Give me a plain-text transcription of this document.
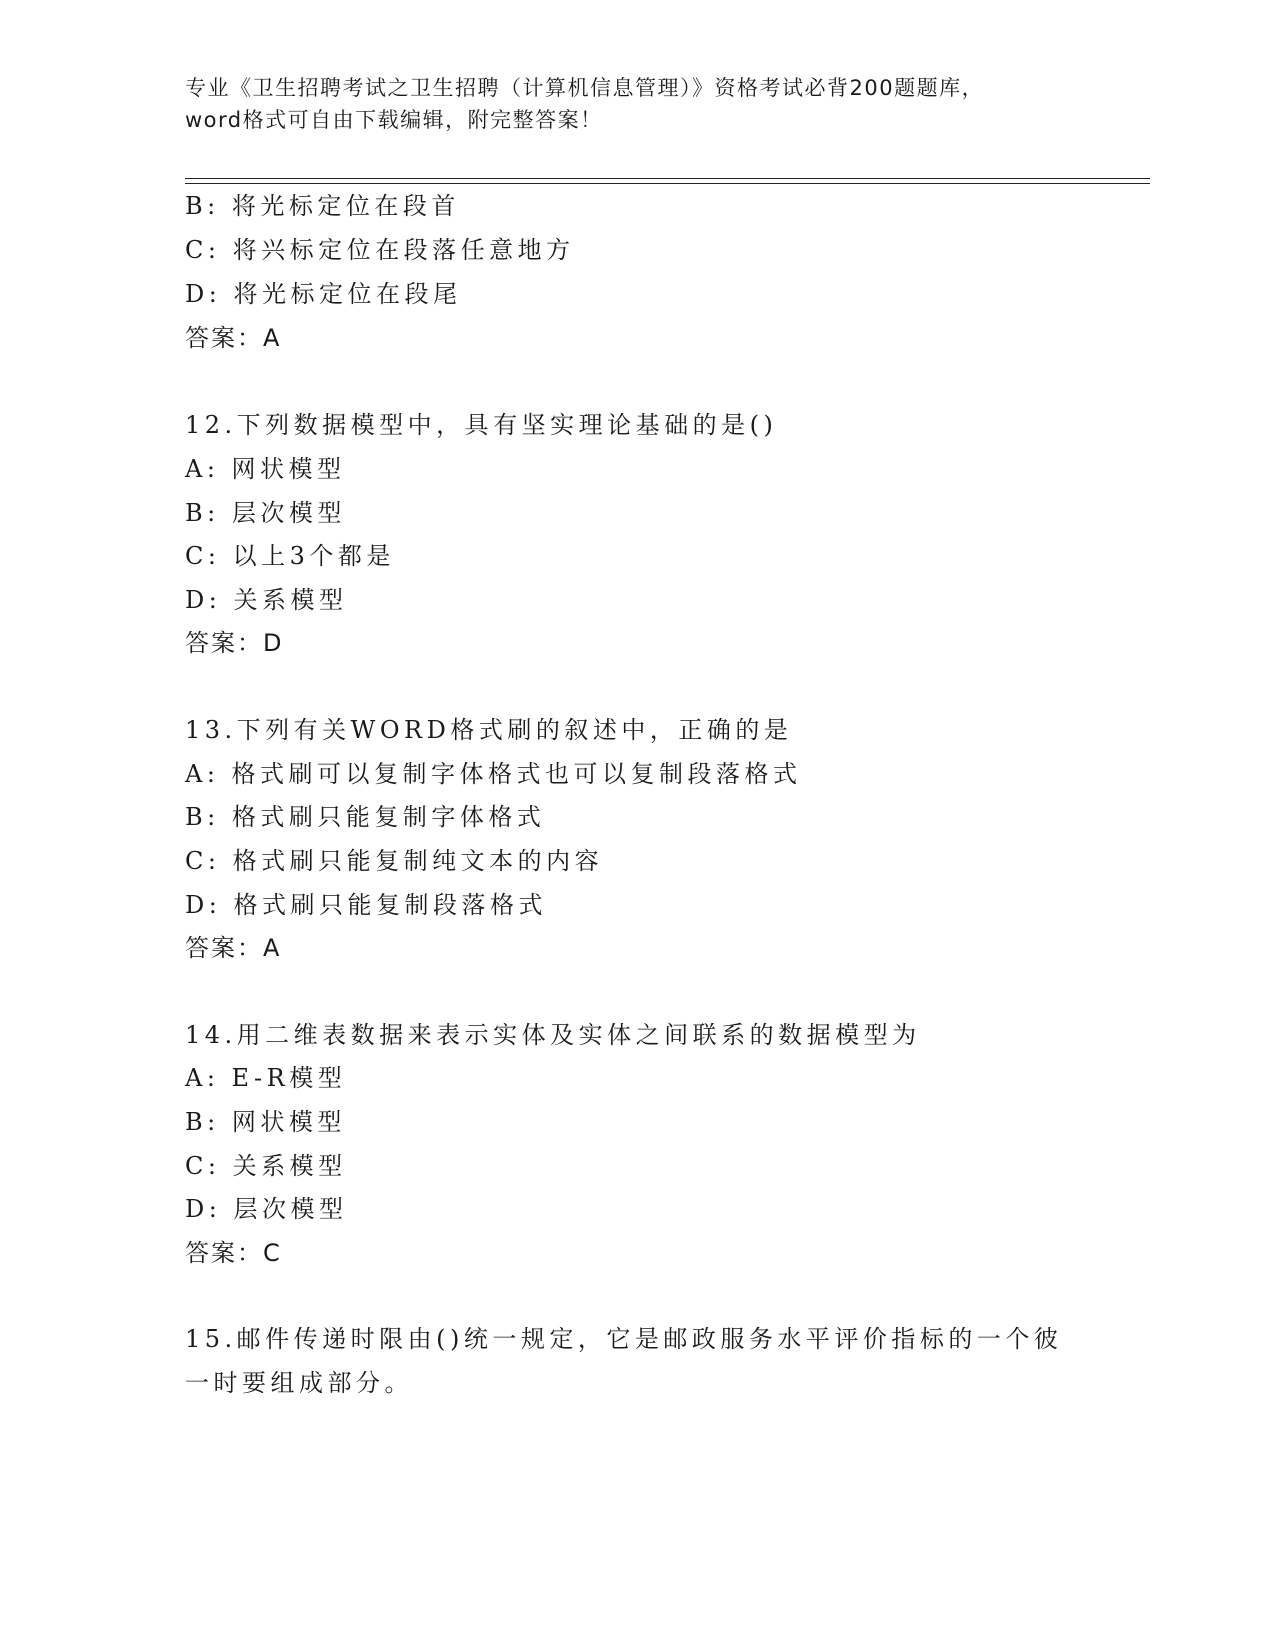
专业《卫生招聘考试之卫生招聘（计算机信息管理）》资格考试必背200题题库，
word格式可自由下载编辑，附完整答案！
B: 将光标定位在段首
C: 将兴标定位在段落任意地方
D: 将光标定位在段尾
答案：A
12.下列数据模型中，具有坚实理论基础的是()
A: 网状模型
B: 层次模型
C: 以上3个都是
D: 关系模型
答案：D
13.下列有关WORD格式刷的叙述中，正确的是
A: 格式刷可以复制字体格式也可以复制段落格式
B: 格式刷只能复制字体格式
C: 格式刷只能复制纯文本的内容
D: 格式刷只能复制段落格式
答案：A
14.用二维表数据来表示实体及实体之间联系的数据模型为
A: E-R模型
B: 网状模型
C: 关系模型
D: 层次模型
答案：C
15.邮件传递时限由()统一规定，它是邮政服务水平评价指标的一个彼
一时要组成部分。
